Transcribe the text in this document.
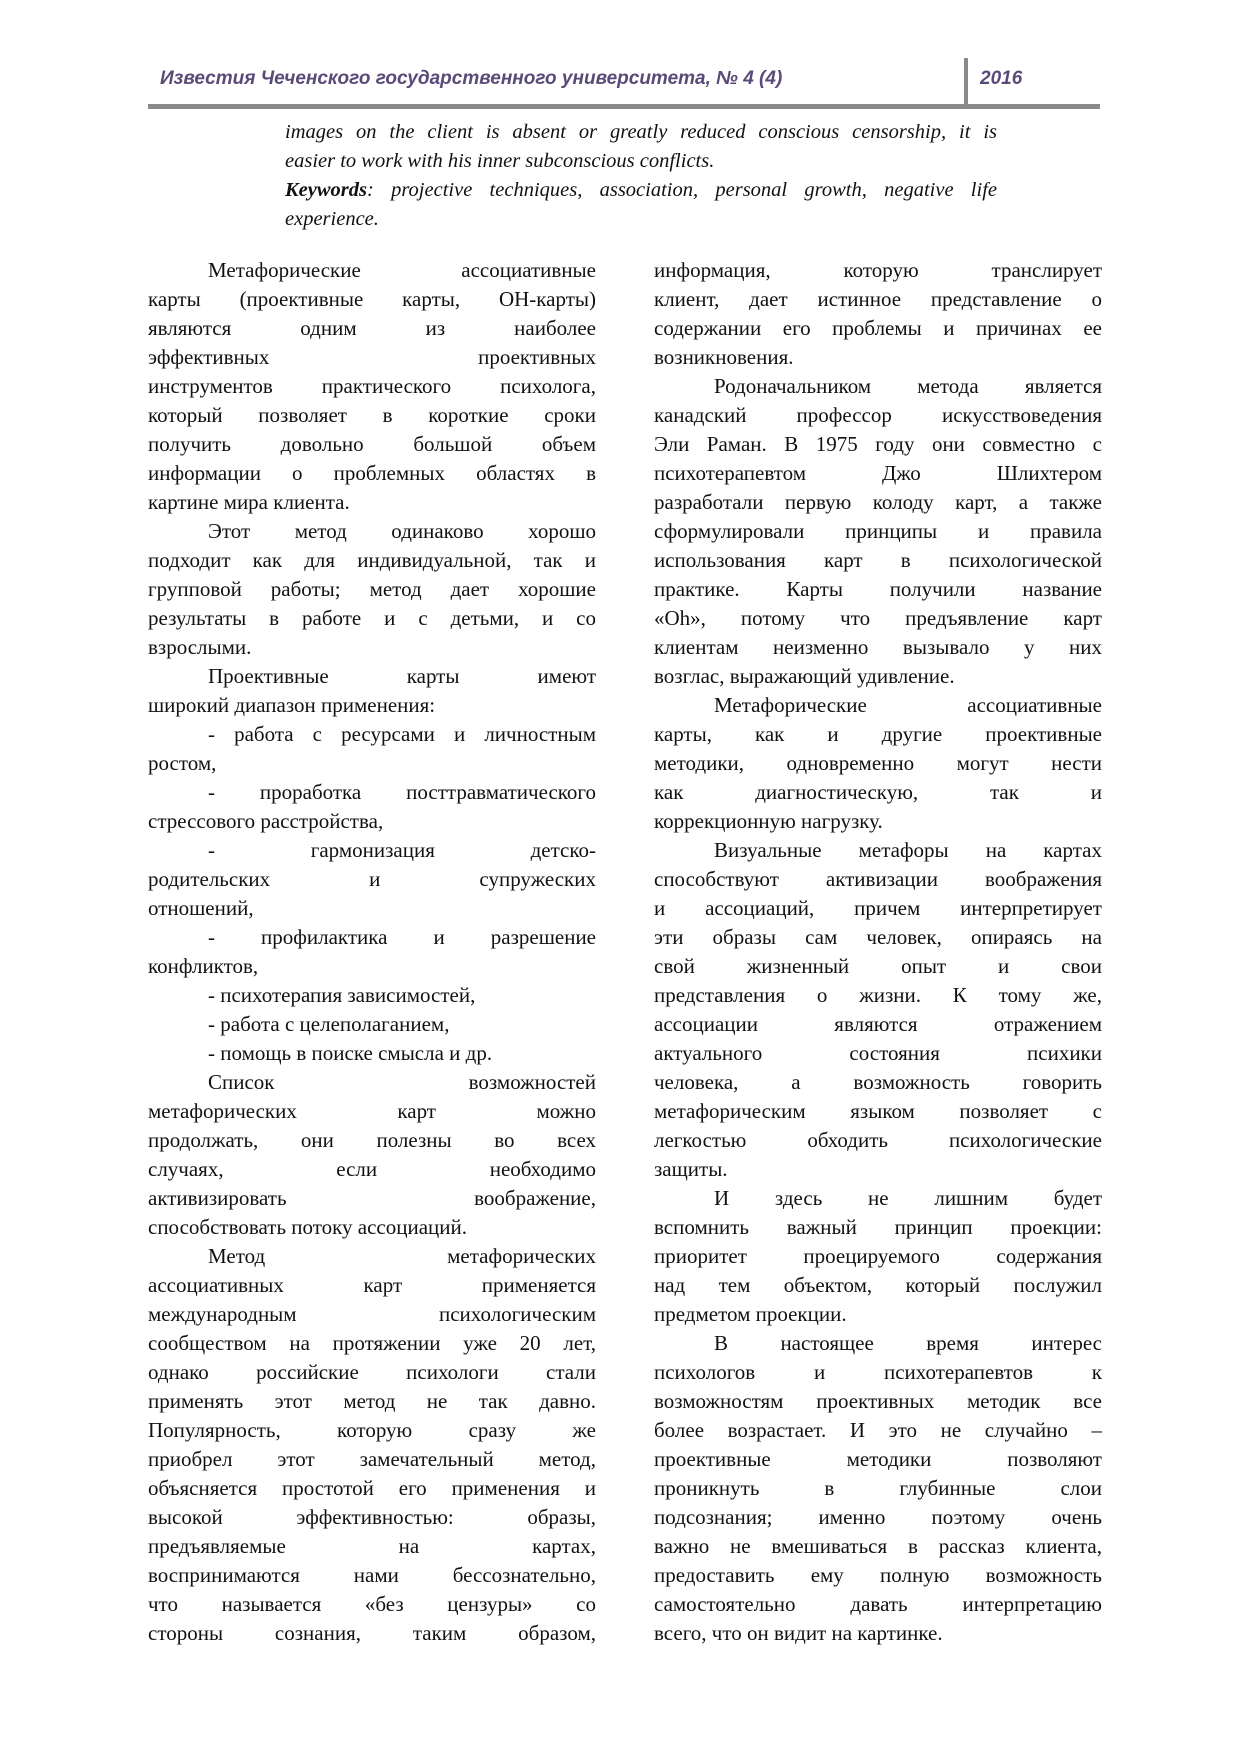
Известия Чеченского государственного университета, № 4 (4)	2016
images on the client is absent or greatly reduced conscious censorship, it is
easier to work with his inner subconscious conflicts.
Keywords: projective techniques, association, personal growth, negative life
experience.
Метафорические ассоциативные
карты (проективные карты, ОН-карты)
являются одним из наиболее
эффективных проективных
инструментов практического психолога,
который позволяет в короткие сроки
получить довольно большой объем
информации о проблемных областях в
картине мира клиента.
Этот метод одинаково хорошо
подходит как для индивидуальной, так и
групповой работы; метод дает хорошие
результаты в работе и с детьми, и со
взрослыми.
Проективные карты имеют
широкий диапазон применения:
- работа с ресурсами и личностным
ростом,
- проработка посттравматического
стрессового расстройства,
- гармонизация детско-
родительских и супружеских
отношений,
- профилактика и разрешение
конфликтов,
- психотерапия зависимостей,
- работа с целеполаганием,
- помощь в поиске смысла и др.
Список возможностей
метафорических карт можно
продолжать, они полезны во всех
случаях, если необходимо
активизировать воображение,
способствовать потоку ассоциаций.
Метод метафорических
ассоциативных карт применяется
международным психологическим
сообществом на протяжении уже 20 лет,
однако российские психологи стали
применять этот метод не так давно.
Популярность, которую сразу же
приобрел этот замечательный метод,
объясняется простотой его применения и
высокой эффективностью: образы,
предъявляемые на картах,
воспринимаются нами бессознательно,
что называется «без цензуры» со
стороны сознания, таким образом,
информация, которую транслирует
клиент, дает истинное представление о
содержании его проблемы и причинах ее
возникновения.
Родоначальником метода является
канадский профессор искусствоведения
Эли Раман. В 1975 году они совместно с
психотерапевтом Джо Шлихтером
разработали первую колоду карт, а также
сформулировали принципы и правила
использования карт в психологической
практике. Карты получили название
«Oh», потому что предъявление карт
клиентам неизменно вызывало у них
возглас, выражающий удивление.
Метафорические ассоциативные
карты, как и другие проективные
методики, одновременно могут нести
как диагностическую, так и
коррекционную нагрузку.
Визуальные метафоры на картах
способствуют активизации воображения
и ассоциаций, причем интерпретирует
эти образы сам человек, опираясь на
свой жизненный опыт и свои
представления о жизни. К тому же,
ассоциации являются отражением
актуального состояния психики
человека, а возможность говорить
метафорическим языком позволяет с
легкостью обходить психологические
защиты.
И здесь не лишним будет
вспомнить важный принцип проекции:
приоритет проецируемого содержания
над тем объектом, который послужил
предметом проекции.
В настоящее время интерес
психологов и психотерапевтов к
возможностям проективных методик все
более возрастает. И это не случайно –
проективные методики позволяют
проникнуть в глубинные слои
подсознания; именно поэтому очень
важно не вмешиваться в рассказ клиента,
предоставить ему полную возможность
самостоятельно давать интерпретацию
всего, что он видит на картинке.
